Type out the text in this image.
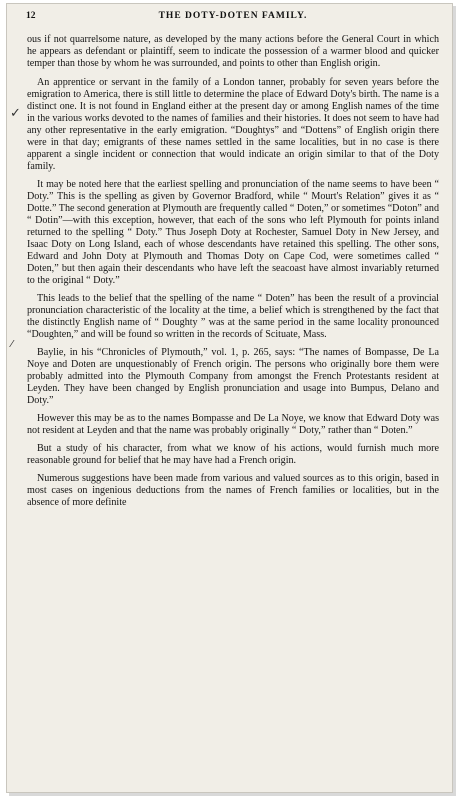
12	THE DOTY-DOTEN FAMILY.
✓
⁄

ous if not quarrelsome nature, as developed by the many actions before the General Court in which he appears as defendant or plaintiff, seem to indicate the possession of a warmer blood and quicker temper than those by whom he was surrounded, and points to other than English origin.

An apprentice or servant in the family of a London tanner, probably for seven years before the emigration to America, there is still little to determine the place of Edward Doty's birth. The name is a distinct one. It is not found in England either at the present day or among English names of the time in the various works devoted to the names of families and their histories. It does not seem to have had any other representative in the early emigration. “Doughtys” and “Dottens” of English origin there were in that day; emigrants of these names settled in the same localities, but in no case is there apparent a single incident or connection that would indicate an origin similar to that of the Doty family.

It may be noted here that the earliest spelling and pronunciation of the name seems to have been “ Doty.” This is the spelling as given by Governor Bradford, while “ Mourt's Relation” gives it as “ Dotte.” The second generation at Plymouth are frequently called “ Doten,” or sometimes “Doton” and “ Dotin”—with this exception, however, that each of the sons who left Plymouth for points inland returned to the spelling “ Doty.” Thus Joseph Doty at Rochester, Samuel Doty in New Jersey, and Isaac Doty on Long Island, each of whose descendants have retained this spelling. The other sons, Edward and John Doty at Plymouth and Thomas Doty on Cape Cod, were sometimes called “ Doten,” but then again their descendants who have left the seacoast have almost invariably returned to the original “ Doty.”

This leads to the belief that the spelling of the name “ Doten” has been the result of a provincial pronunciation characteristic of the locality at the time, a belief which is strengthened by the fact that the distinctly English name of “ Doughty ” was at the same period in the same locality pronounced “Doughten,” and will be found so written in the records of Scituate, Mass.

Baylie, in his “Chronicles of Plymouth,” vol. 1, p. 265, says: “The names of Bompasse, De La Noye and Doten are unquestionably of French origin. The persons who originally bore them were probably admitted into the Plymouth Company from amongst the French Protestants resident at Leyden. They have been changed by English pronunciation and usage into Bumpus, Delano and Doty.”

However this may be as to the names Bompasse and De La Noye, we know that Edward Doty was not resident at Leyden and that the name was probably originally “ Doty,” rather than “ Doten.”

But a study of his character, from what we know of his actions, would furnish much more reasonable ground for belief that he may have had a French origin.

Numerous suggestions have been made from various and valued sources as to this origin, based in most cases on ingenious deductions from the names of French families or localities, but in the absence of more definite
